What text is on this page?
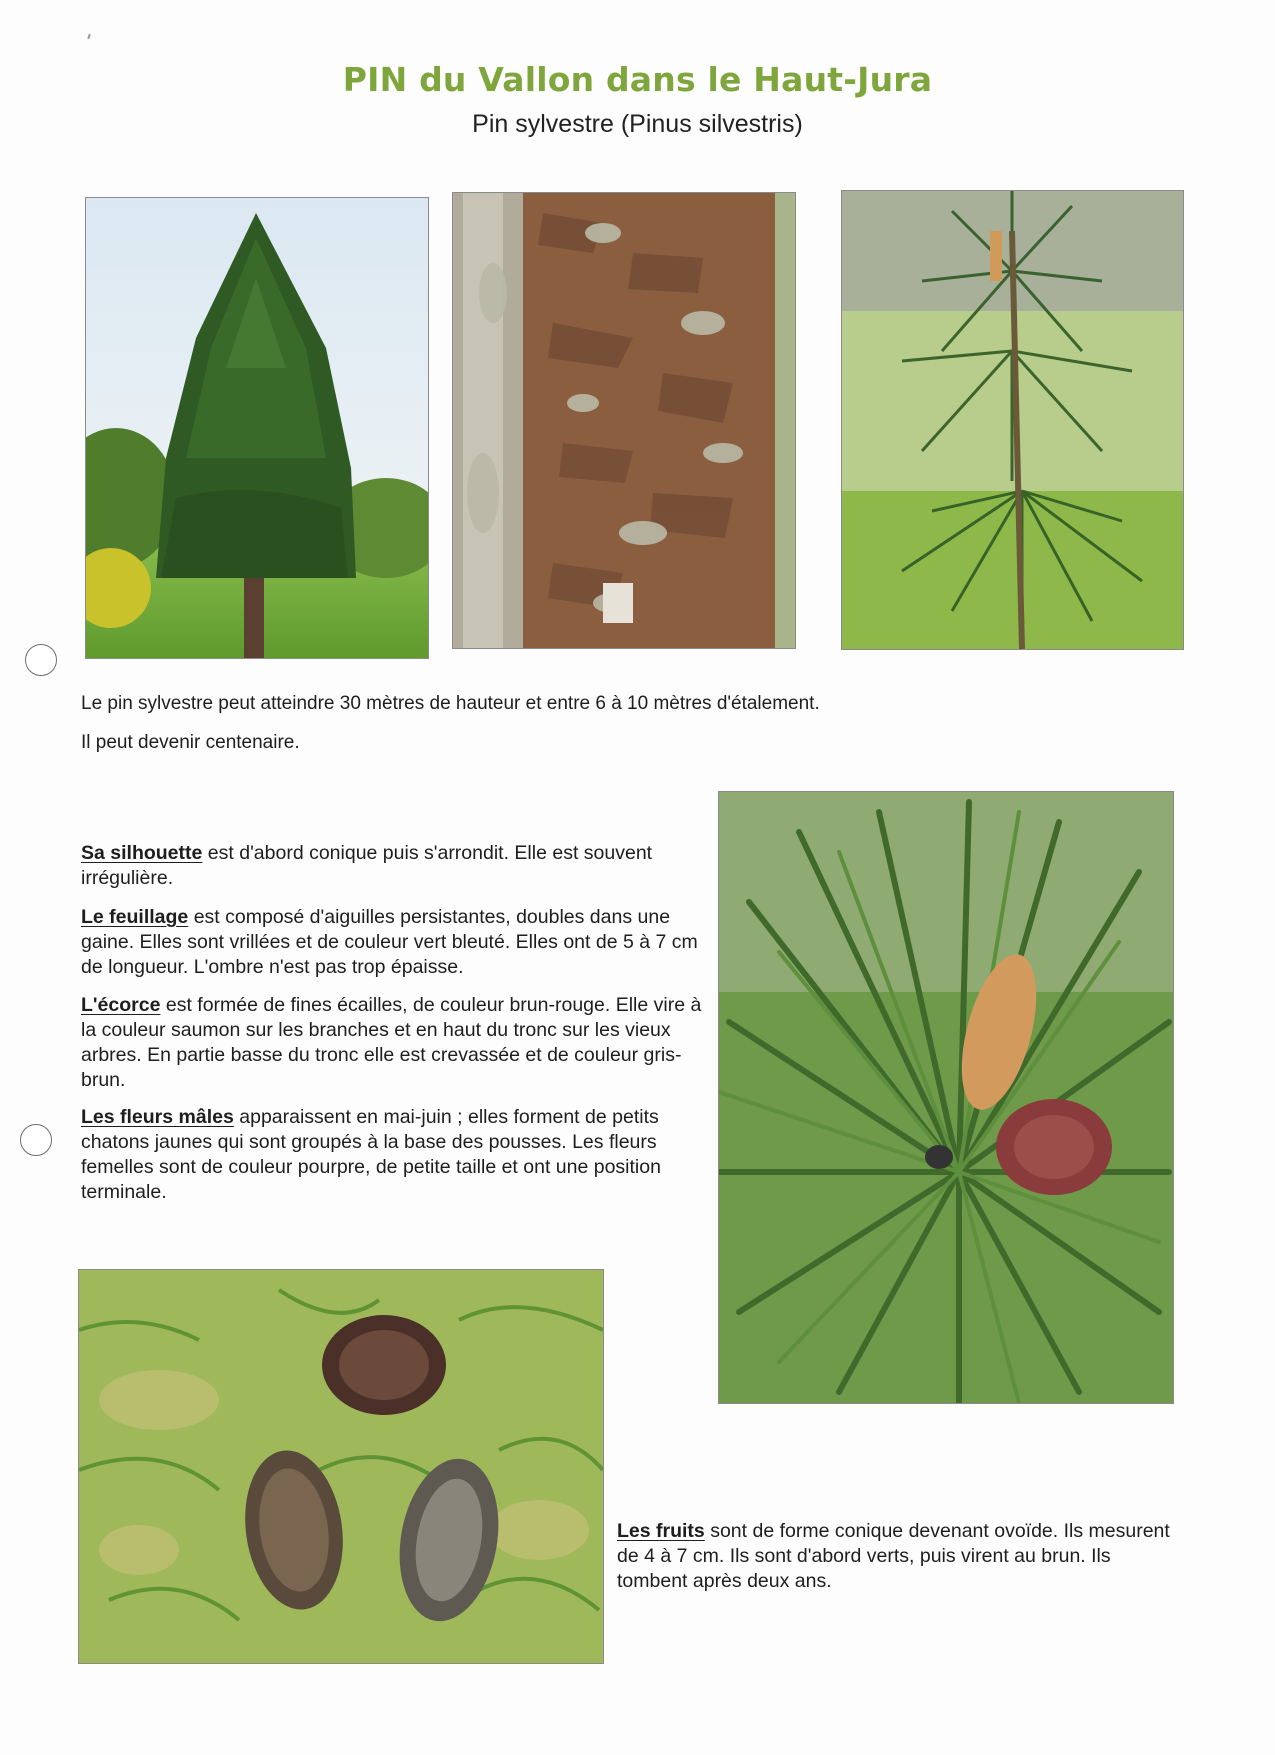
PIN du Vallon dans le Haut-Jura
Pin sylvestre (Pinus silvestris)
Le pin sylvestre peut atteindre 30 mètres de hauteur et entre 6 à 10 mètres d'étalement.
Il peut devenir centenaire.
Sa silhouette est d'abord conique puis s'arrondit. Elle est souvent irrégulière.
Le feuillage est composé d'aiguilles persistantes, doubles dans une gaine. Elles sont vrillées et de couleur vert bleuté. Elles ont de 5 à 7 cm de longueur. L'ombre n'est pas trop épaisse.
L'écorce est formée de fines écailles, de couleur brun-rouge. Elle vire à la couleur saumon sur les branches et en haut du tronc sur les vieux arbres. En partie basse du tronc elle est crevassée et de couleur gris-brun.
Les fleurs mâles apparaissent en mai-juin ; elles forment de petits chatons jaunes qui sont groupés à la base des pousses. Les fleurs femelles sont de couleur pourpre, de petite taille et ont une position terminale.
Les fruits sont de forme conique devenant ovoïde. Ils mesurent de 4 à 7 cm. Ils sont d'abord verts, puis virent au brun. Ils tombent après deux ans.
